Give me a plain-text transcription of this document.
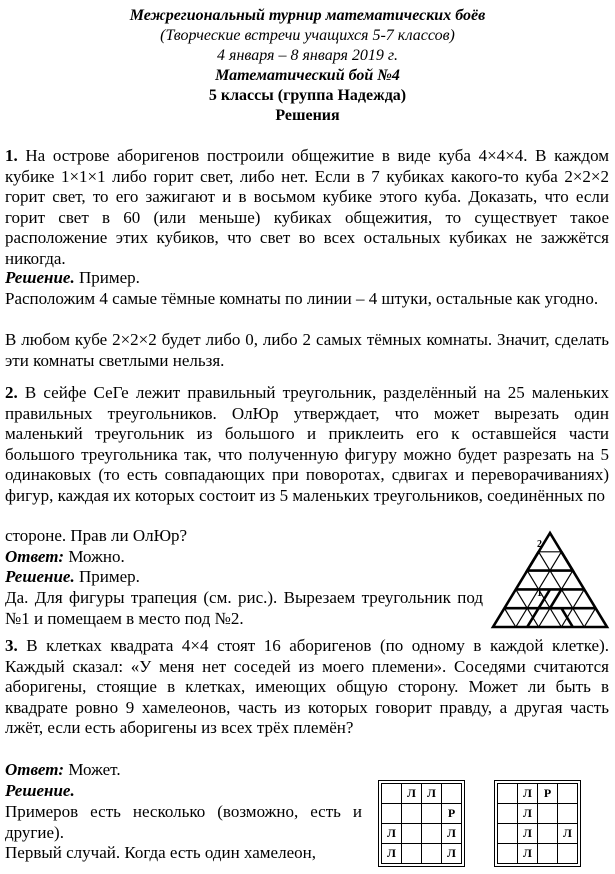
Межрегиональный турнир математических боёв
(Творческие встречи учащихся 5-7 классов)
4 января – 8 января 2019 г.
Математический бой №4
5 классы (группа Надежда)
Решения

1. На острове аборигенов построили общежитие в виде куба 4×4×4. В каждом кубике 1×1×1 либо горит свет, либо нет. Если в 7 кубиках какого-то куба 2×2×2 горит свет, то его зажигают и в восьмом кубике этого куба. Доказать, что если горит свет в 60 (или меньше) кубиках общежития, то существует такое расположение этих кубиков, что свет во всех остальных кубиках не зажжётся никогда.

Решение. Пример.

Расположим 4 самые тёмные комнаты по линии – 4 штуки, остальные как угодно.

В любом кубе 2×2×2 будет либо 0, либо 2 самых тёмных комнаты. Значит, сделать эти комнаты светлыми нельзя.

2. В сейфе СеГе лежит правильный треугольник, разделённый на 25 маленьких правильных треугольников. ОлЮр утверждает, что может вырезать один маленький треугольник из большого и приклеить его к оставшейся части большого треугольника так, что полученную фигуру можно будет разрезать на 5 одинаковых (то есть совпадающих при поворотах, сдвигах и переворачиваниях) фигур, каждая их которых состоит из 5 маленьких треугольников, соединённых по

стороне. Прав ли ОлЮр?

Ответ: Можно.

Решение. Пример.

Да. Для фигуры трапеция (см. рис.). Вырезаем треугольник под №1 и помещаем в место под №2.

2
1

3. В клетках квадрата 4×4 стоят 16 аборигенов (по одному в каждой клетке). Каждый сказал: «У меня нет соседей из моего племени». Соседями считаются аборигены, стоящие в клетках, имеющих общую сторону. Может ли быть в квадрате ровно 9 хамелеонов, часть из которых говорит правду, а другая часть лжёт, если есть аборигены из всех трёх племён?

Ответ: Может.

Решение.

Примеров есть несколько (возможно, есть и другие).

Первый случай. Когда есть один хамелеон,

	Л	Л	
			Р
Л			Л
Л			Л
	Л	Р	
	Л		
	Л		Л
	Л		
